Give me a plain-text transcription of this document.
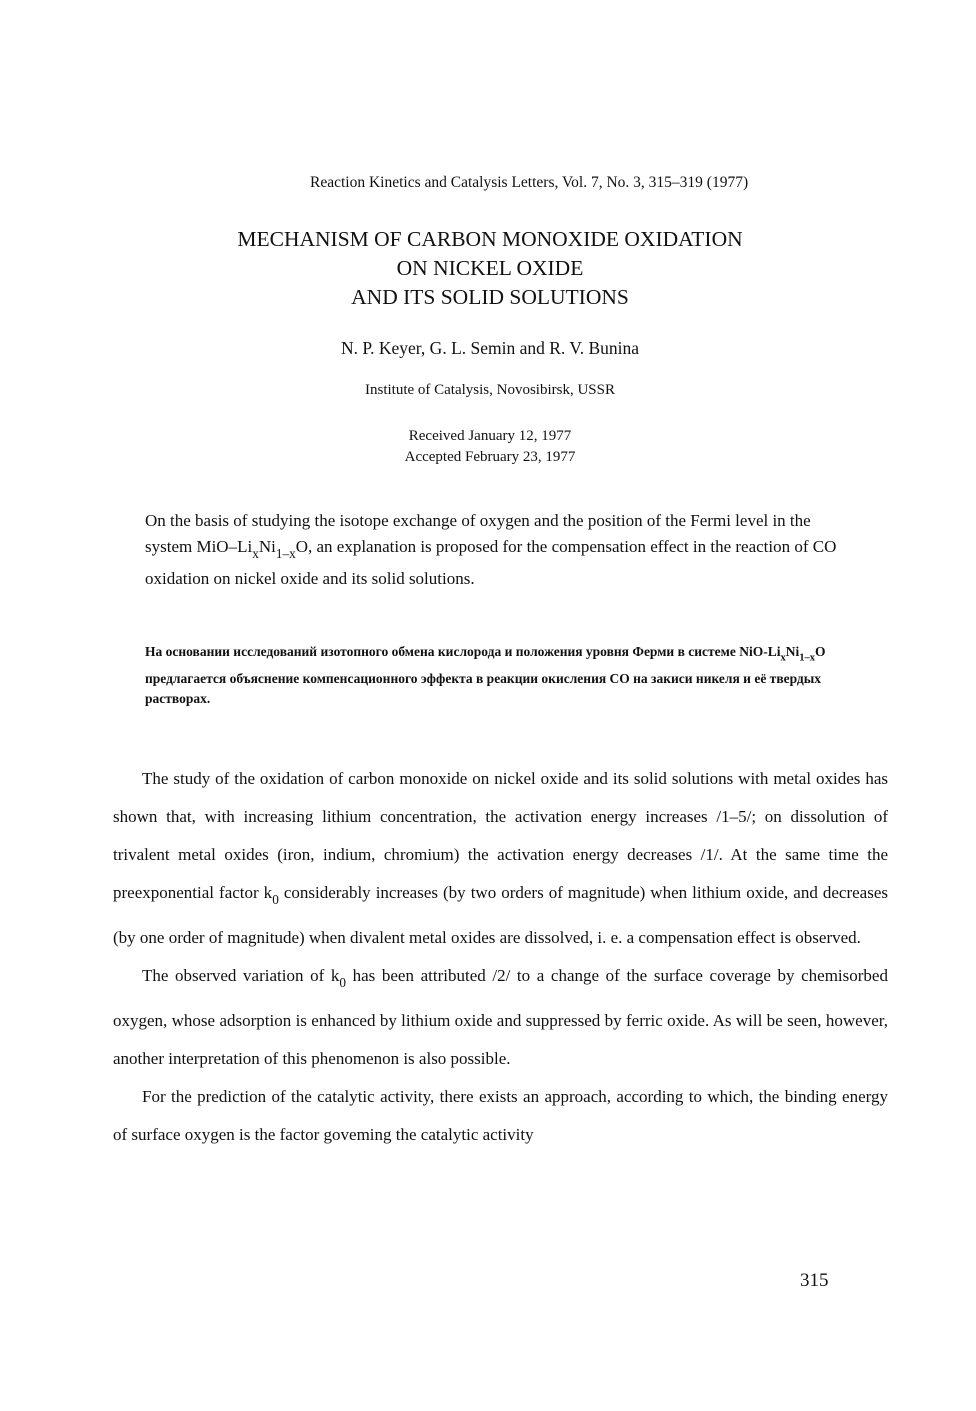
Reaction Kinetics and Catalysis Letters, Vol. 7, No. 3, 315–319 (1977)
MECHANISM OF CARBON MONOXIDE OXIDATION
ON NICKEL OXIDE
AND ITS SOLID SOLUTIONS
N. P. Keyer, G. L. Semin and R. V. Bunina
Institute of Catalysis, Novosibirsk, USSR
Received January 12, 1977
Accepted February 23, 1977
On the basis of studying the isotope exchange of oxygen and the position of the Fermi level in the system MiO–$Li_xNi_{1-x}O$, an explanation is proposed for the compensation effect in the reaction of CO oxidation on nickel oxide and its solid solutions.
На основании исследований изотопного обмена кислорода и положения уровня Ферми в системе NiO-$Li_xNi_{1-x}O$ предлагается объяснение компенсационного эффекта в реакции окисления СО на закиси никеля и её твердых растворах.

The study of the oxidation of carbon monoxide on nickel oxide and its solid solutions with metal oxides has shown that, with increasing lithium concentration, the activation energy increases /1–5/; on dissolution of trivalent metal oxides (iron, indium, chromium) the activation energy decreases /1/. At the same time the preexponential factor $k_0$ considerably increases (by two orders of magnitude) when lithium oxide, and decreases (by one order of magnitude) when divalent metal oxides are dissolved, i. e. a compensation effect is observed.

The observed variation of $k_0$ has been attributed /2/ to a change of the surface coverage by chemisorbed oxygen, whose adsorption is enhanced by lithium oxide and suppressed by ferric oxide. As will be seen, however, another interpretation of this phenomenon is also possible.

For the prediction of the catalytic activity, there exists an approach, according to which, the binding energy of surface oxygen is the factor goveming the catalytic activity

315
